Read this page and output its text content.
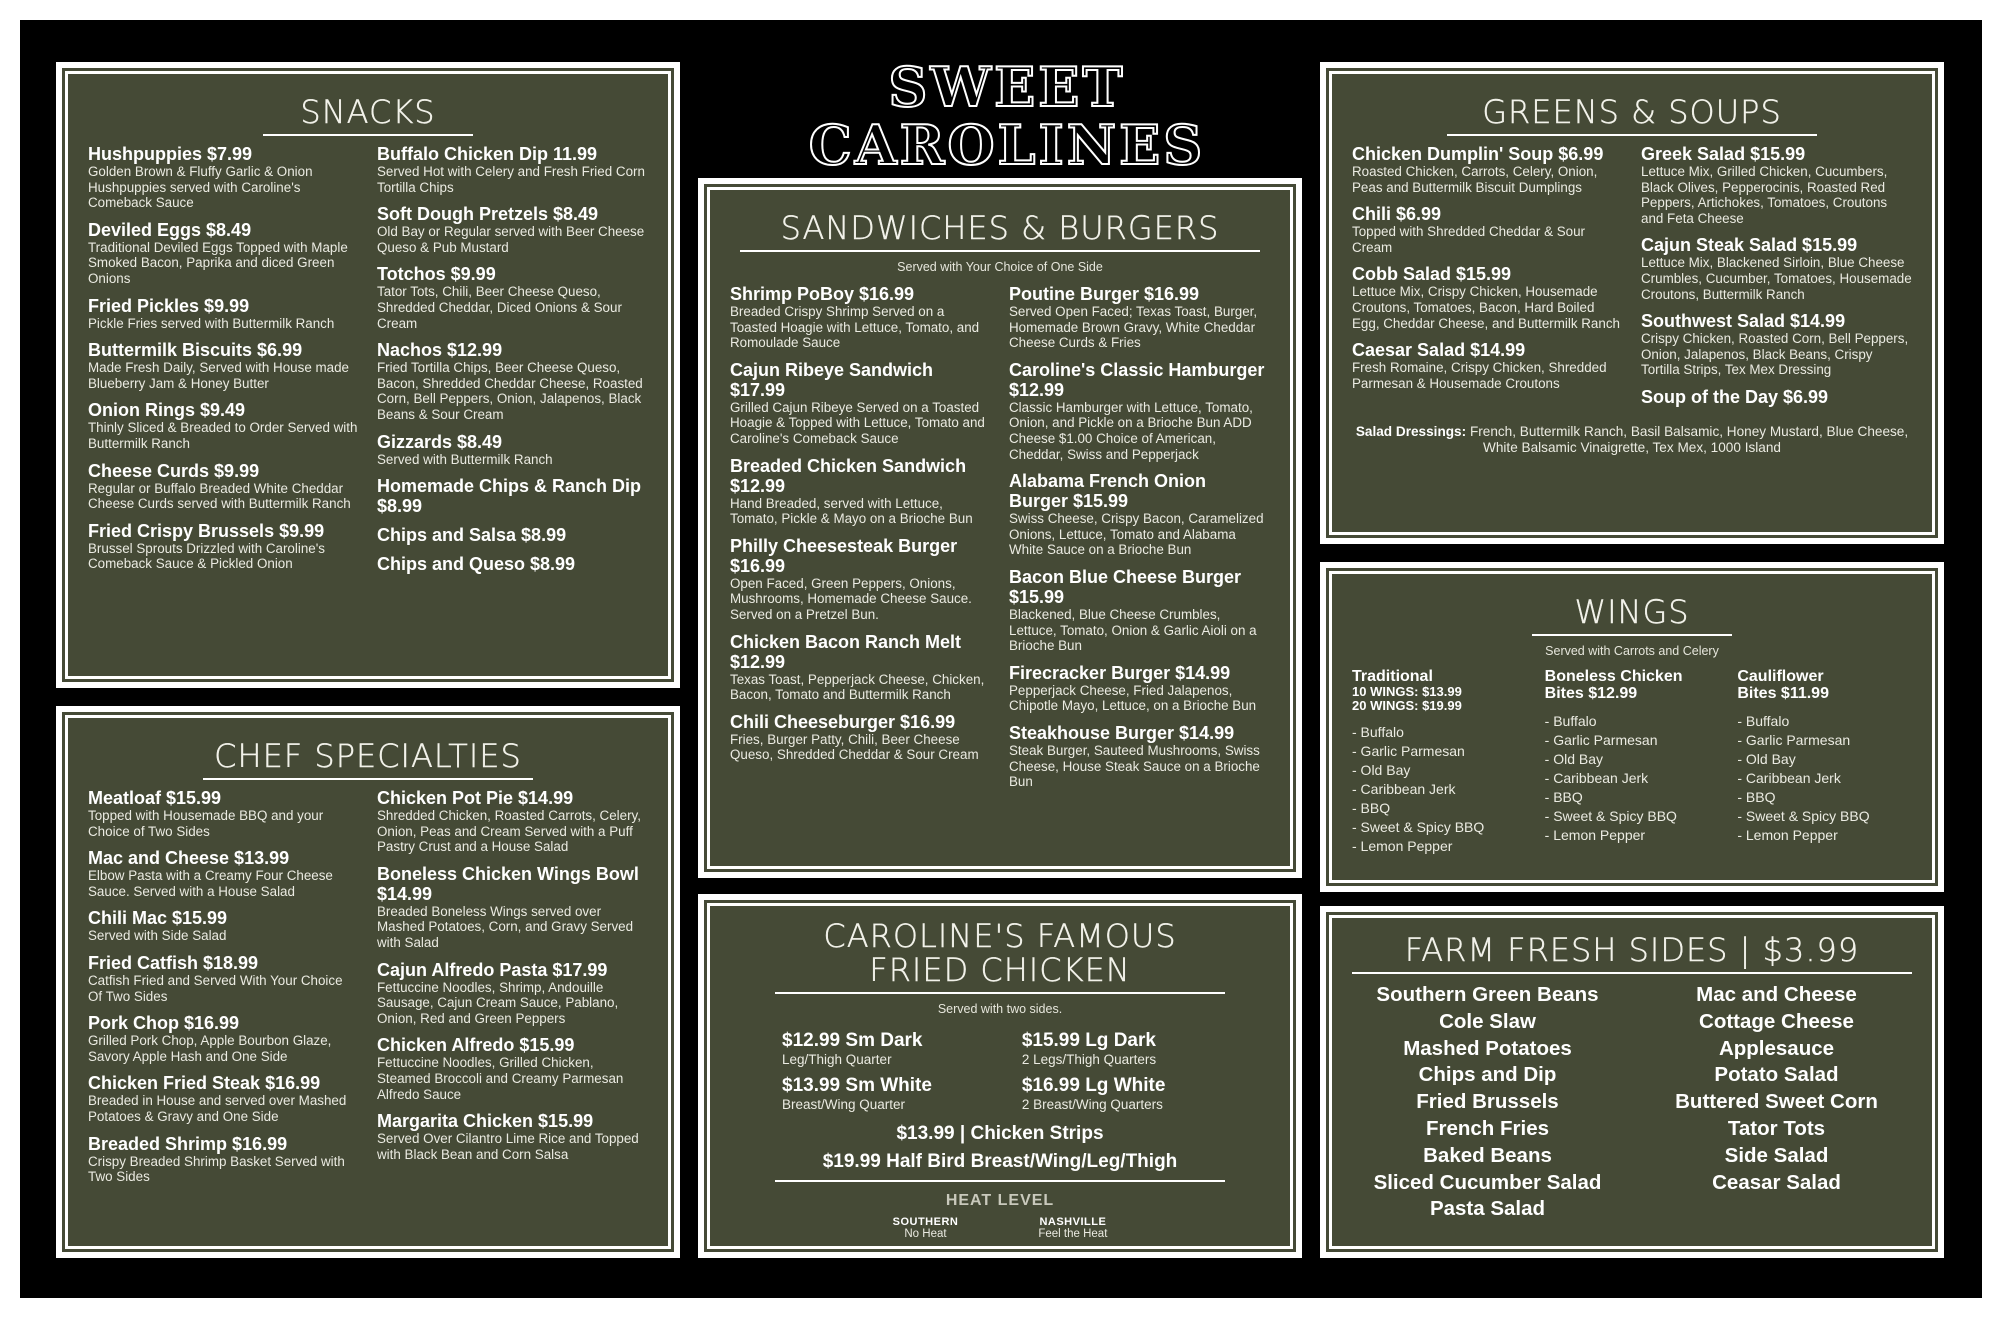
SWEET CAROLINES
SNACKS
Hushpuppies $7.99
Golden Brown & Fluffy Garlic & Onion Hushpuppies served with Caroline's Comeback Sauce
Deviled Eggs $8.49
Traditional Deviled Eggs Topped with Maple Smoked Bacon, Paprika and diced Green Onions
Fried Pickles $9.99
Pickle Fries served with Buttermilk Ranch
Buttermilk Biscuits $6.99
Made Fresh Daily, Served with House made Blueberry Jam & Honey Butter
Onion Rings $9.49
Thinly Sliced & Breaded to Order Served with Buttermilk Ranch
Cheese Curds $9.99
Regular or Buffalo Breaded White Cheddar Cheese Curds served with Buttermilk Ranch
Fried Crispy Brussels $9.99
Brussel Sprouts Drizzled with Caroline's Comeback Sauce & Pickled Onion
Buffalo Chicken Dip 11.99
Served Hot with Celery and Fresh Fried Corn Tortilla Chips
Soft Dough Pretzels $8.49
Old Bay or Regular served with Beer Cheese Queso & Pub Mustard
Totchos $9.99
Tator Tots, Chili, Beer Cheese Queso, Shredded Cheddar, Diced Onions & Sour Cream
Nachos $12.99
Fried Tortilla Chips, Beer Cheese Queso, Bacon, Shredded Cheddar Cheese, Roasted Corn, Bell Peppers, Onion, Jalapenos, Black Beans & Sour Cream
Gizzards $8.49
Served with Buttermilk Ranch
Homemade Chips & Ranch Dip $8.99
Chips and Salsa $8.99
Chips and Queso $8.99
CHEF SPECIALTIES
Meatloaf $15.99
Topped with Housemade BBQ and your Choice of Two Sides
Mac and Cheese $13.99
Elbow Pasta with a Creamy Four Cheese Sauce. Served with a House Salad
Chili Mac $15.99
Served with Side Salad
Fried Catfish $18.99
Catfish Fried and Served With Your Choice Of Two Sides
Pork Chop $16.99
Grilled Pork Chop, Apple Bourbon Glaze, Savory Apple Hash and One Side
Chicken Fried Steak $16.99
Breaded in House and served over Mashed Potatoes & Gravy and One Side
Breaded Shrimp $16.99
Crispy Breaded Shrimp Basket Served with Two Sides
Chicken Pot Pie $14.99
Shredded Chicken, Roasted Carrots, Celery, Onion, Peas and Cream Served with a Puff Pastry Crust and a House Salad
Boneless Chicken Wings Bowl $14.99
Breaded Boneless Wings served over Mashed Potatoes, Corn, and Gravy Served with Salad
Cajun Alfredo Pasta $17.99
Fettuccine Noodles, Shrimp, Andouille Sausage, Cajun Cream Sauce, Pablano, Onion, Red and Green Peppers
Chicken Alfredo $15.99
Fettuccine Noodles, Grilled Chicken, Steamed Broccoli and Creamy Parmesan Alfredo Sauce
Margarita Chicken $15.99
Served Over Cilantro Lime Rice and Topped with Black Bean and Corn Salsa
SANDWICHES & BURGERS
Served with Your Choice of One Side
Shrimp PoBoy $16.99
Breaded Crispy Shrimp Served on a Toasted Hoagie with Lettuce, Tomato, and Romoulade Sauce
Cajun Ribeye Sandwich $17.99
Grilled Cajun Ribeye Served on a Toasted Hoagie & Topped with Lettuce, Tomato and Caroline's Comeback Sauce
Breaded Chicken Sandwich $12.99
Hand Breaded, served with Lettuce, Tomato, Pickle & Mayo on a Brioche Bun
Philly Cheesesteak Burger $16.99
Open Faced, Green Peppers, Onions, Mushrooms, Homemade Cheese Sauce. Served on a Pretzel Bun.
Chicken Bacon Ranch Melt $12.99
Texas Toast, Pepperjack Cheese, Chicken, Bacon, Tomato and Buttermilk Ranch
Chili Cheeseburger $16.99
Fries, Burger Patty, Chili, Beer Cheese Queso, Shredded Cheddar & Sour Cream
Poutine Burger $16.99
Served Open Faced; Texas Toast, Burger, Homemade Brown Gravy, White Cheddar Cheese Curds & Fries
Caroline's Classic Hamburger $12.99
Classic Hamburger with Lettuce, Tomato, Onion, and Pickle on a Brioche Bun ADD Cheese $1.00 Choice of American, Cheddar, Swiss and Pepperjack
Alabama French Onion Burger $15.99
Swiss Cheese, Crispy Bacon, Caramelized Onions, Lettuce, Tomato and Alabama White Sauce on a Brioche Bun
Bacon Blue Cheese Burger $15.99
Blackened, Blue Cheese Crumbles, Lettuce, Tomato, Onion & Garlic Aioli on a Brioche Bun
Firecracker Burger $14.99
Pepperjack Cheese, Fried Jalapenos, Chipotle Mayo, Lettuce, on a Brioche Bun
Steakhouse Burger $14.99
Steak Burger, Sauteed Mushrooms, Swiss Cheese, House Steak Sauce on a Brioche Bun
CAROLINE'S FAMOUS
FRIED CHICKEN
Served with two sides.
$12.99 Sm Dark
Leg/Thigh Quarter
$15.99 Lg Dark
2 Legs/Thigh Quarters
$13.99 Sm White
Breast/Wing Quarter
$16.99 Lg White
2 Breast/Wing Quarters
$13.99 | Chicken Strips
$19.99 Half Bird Breast/Wing/Leg/Thigh
HEAT LEVEL
SOUTHERN
No Heat
NASHVILLE
Feel the Heat
GREENS & SOUPS
Chicken Dumplin' Soup $6.99
Roasted Chicken, Carrots, Celery, Onion, Peas and Buttermilk Biscuit Dumplings
Chili $6.99
Topped with Shredded Cheddar & Sour Cream
Cobb Salad $15.99
Lettuce Mix, Crispy Chicken, Housemade Croutons, Tomatoes, Bacon, Hard Boiled Egg, Cheddar Cheese, and Buttermilk Ranch
Caesar Salad $14.99
Fresh Romaine, Crispy Chicken, Shredded Parmesan & Housemade Croutons
Greek Salad $15.99
Lettuce Mix, Grilled Chicken, Cucumbers, Black Olives, Pepperocinis, Roasted Red Peppers, Artichokes, Tomatoes, Croutons and Feta Cheese
Cajun Steak Salad $15.99
Lettuce Mix, Blackened Sirloin, Blue Cheese Crumbles, Cucumber, Tomatoes, Housemade Croutons, Buttermilk Ranch
Southwest Salad $14.99
Crispy Chicken, Roasted Corn, Bell Peppers, Onion, Jalapenos, Black Beans, Crispy Tortilla Strips, Tex Mex Dressing
Soup of the Day $6.99
Salad Dressings: French, Buttermilk Ranch, Basil Balsamic, Honey Mustard, Blue Cheese, White Balsamic Vinaigrette, Tex Mex, 1000 Island
WINGS
Served with Carrots and Celery
Traditional
10 WINGS: $13.99
20 WINGS: $19.99
- Buffalo
- Garlic Parmesan
- Old Bay
- Caribbean Jerk
- BBQ
- Sweet & Spicy BBQ
- Lemon Pepper
Boneless Chicken
Bites $12.99
- Buffalo
- Garlic Parmesan
- Old Bay
- Caribbean Jerk
- BBQ
- Sweet & Spicy BBQ
- Lemon Pepper
Cauliflower
Bites $11.99
- Buffalo
- Garlic Parmesan
- Old Bay
- Caribbean Jerk
- BBQ
- Sweet & Spicy BBQ
- Lemon Pepper
FARM FRESH SIDES | $3.99
Southern Green Beans
Cole Slaw
Mashed Potatoes
Chips and Dip
Fried Brussels
French Fries
Baked Beans
Sliced Cucumber Salad
Pasta Salad
Mac and Cheese
Cottage Cheese
Applesauce
Potato Salad
Buttered Sweet Corn
Tator Tots
Side Salad
Ceasar Salad
